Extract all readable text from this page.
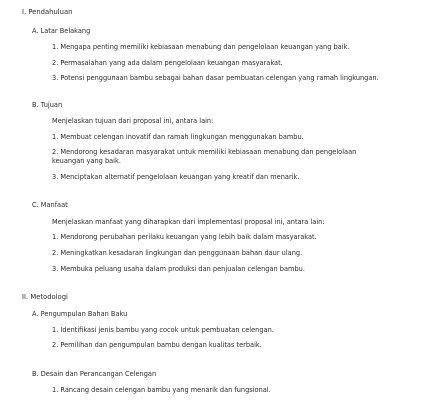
I. Pendahuluan
A. Latar Belakang
1. Mengapa penting memiliki kebiasaan menabung dan pengelolaan keuangan yang baik.
2. Permasalahan yang ada dalam pengelolaan keuangan masyarakat.
3. Potensi penggunaan bambu sebagai bahan dasar pembuatan celengan yang ramah lingkungan.
B. Tujuan
Menjelaskan tujuan dari proposal ini, antara lain:
1. Membuat celengan inovatif dan ramah lingkungan menggunakan bambu.
2. Mendorong kesadaran masyarakat untuk memiliki kebiasaan menabung dan pengelolaan
keuangan yang baik.
3. Menciptakan alternatif pengelolaan keuangan yang kreatif dan menarik.
C. Manfaat
Menjelaskan manfaat yang diharapkan dari implementasi proposal ini, antara lain:
1. Mendorong perubahan perilaku keuangan yang lebih baik dalam masyarakat.
2. Meningkatkan kesadaran lingkungan dan penggunaan bahan daur ulang.
3. Membuka peluang usaha dalam produksi dan penjualan celengan bambu.
II. Metodologi
A. Pengumpulan Bahan Baku
1. Identifikasi jenis bambu yang cocok untuk pembuatan celengan.
2. Pemilihan dan pengumpulan bambu dengan kualitas terbaik.
B. Desain dan Perancangan Celengan
1. Rancang desain celengan bambu yang menarik dan fungsional.
